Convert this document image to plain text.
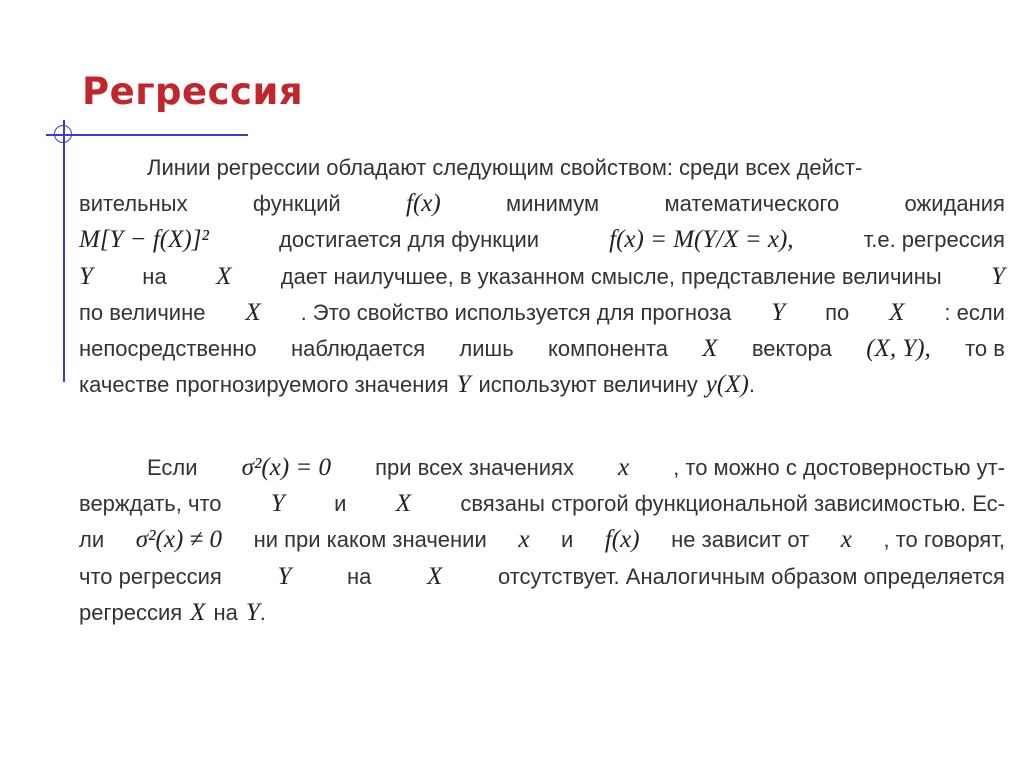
Регрессия
Линии регрессии обладают следующим свойством: среди всех дейст-
вительных	функций	f(x)	минимум	математического	ожидания
M[Y − f(X)]²	достигается для функции	f(x) = M(Y/X = x),	т.е. регрессия
Y на X дает наилучшее, в указанном смысле, представление величины Y
по величине X . Это свойство используется для прогноза Y по X : если
непосредственно наблюдается лишь компонента X вектора (X, Y), то в
качестве прогнозируемого значения Y используют величину y(X) .
Если σ²(x) = 0 при всех значениях x , то можно с достоверностью ут-
верждать, что Y и X связаны строгой функциональной зависимостью. Ес-
ли σ²(x) ≠ 0 ни при каком значении x и f(x) не зависит от x , то говорят,
что регрессия Y	на X	отсутствует. Аналогичным образом определяется
регрессия X на Y .
